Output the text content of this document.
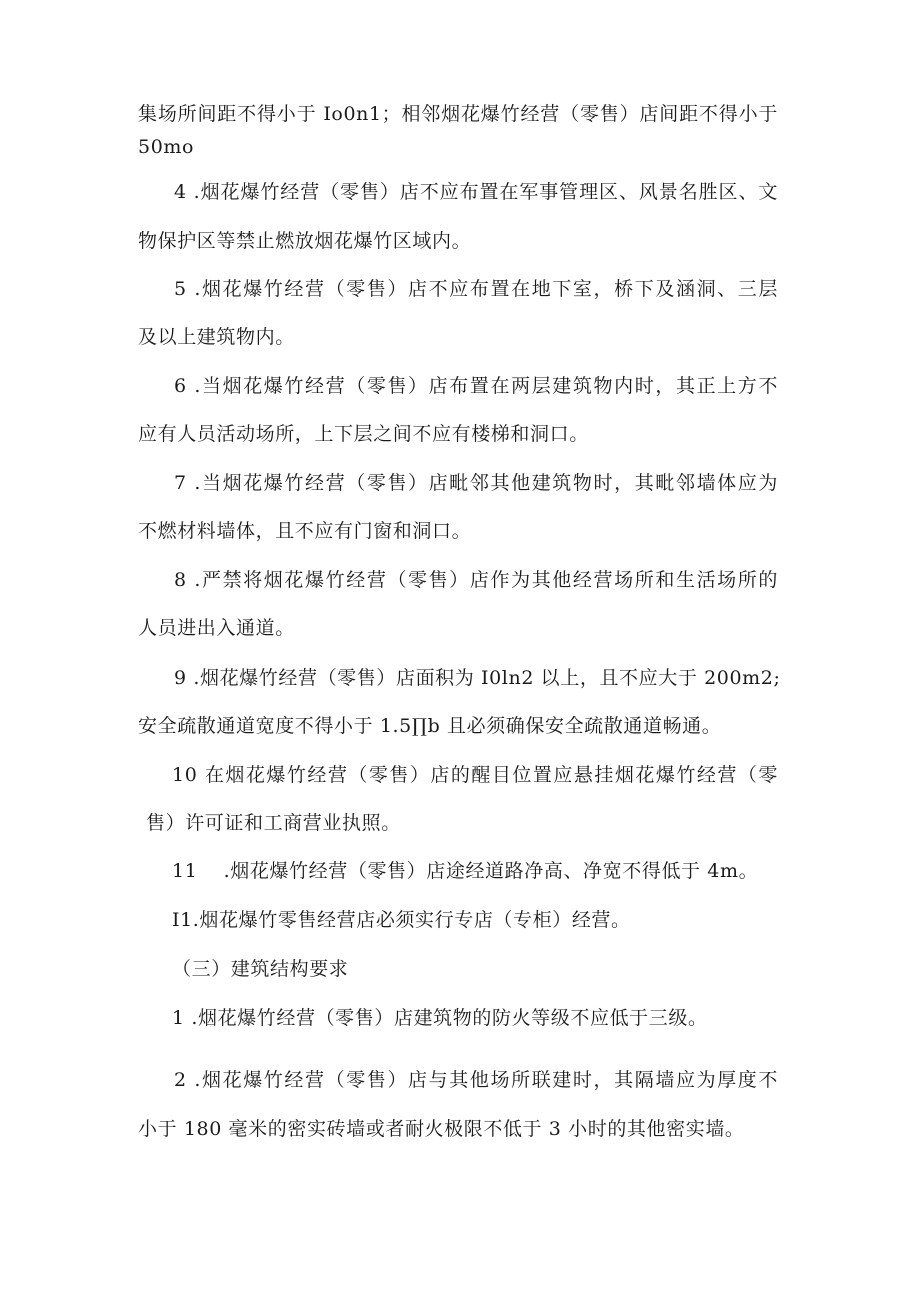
集场所间距不得小于 Io0n1；相邻烟花爆竹经营（零售）店间距不得小于
50mo
4 .烟花爆竹经营（零售）店不应布置在军事管理区、风景名胜区、文
物保护区等禁止燃放烟花爆竹区域内。
5 .烟花爆竹经营（零售）店不应布置在地下室，桥下及涵洞、三层
及以上建筑物内。
6 .当烟花爆竹经营（零售）店布置在两层建筑物内时，其正上方不
应有人员活动场所，上下层之间不应有楼梯和洞口。
7 .当烟花爆竹经营（零售）店毗邻其他建筑物时，其毗邻墙体应为
不燃材料墙体，且不应有门窗和洞口。
8 .严禁将烟花爆竹经营（零售）店作为其他经营场所和生活场所的
人员进出入通道。
9 .烟花爆竹经营（零售）店面积为 I0ln2 以上，且不应大于 200m2;
安全疏散通道宽度不得小于 1.5∏b 且必须确保安全疏散通道畅通。
10 在烟花爆竹经营（零售）店的醒目位置应悬挂烟花爆竹经营（零
售）许可证和工商营业执照。
11　 .烟花爆竹经营（零售）店途经道路净高、净宽不得低于 4m。
I1.烟花爆竹零售经营店必须实行专店（专柜）经营。
（三）建筑结构要求
1 .烟花爆竹经营（零售）店建筑物的防火等级不应低于三级。
2 .烟花爆竹经营（零售）店与其他场所联建时，其隔墙应为厚度不
小于 180 毫米的密实砖墙或者耐火极限不低于 3 小时的其他密实墙。
